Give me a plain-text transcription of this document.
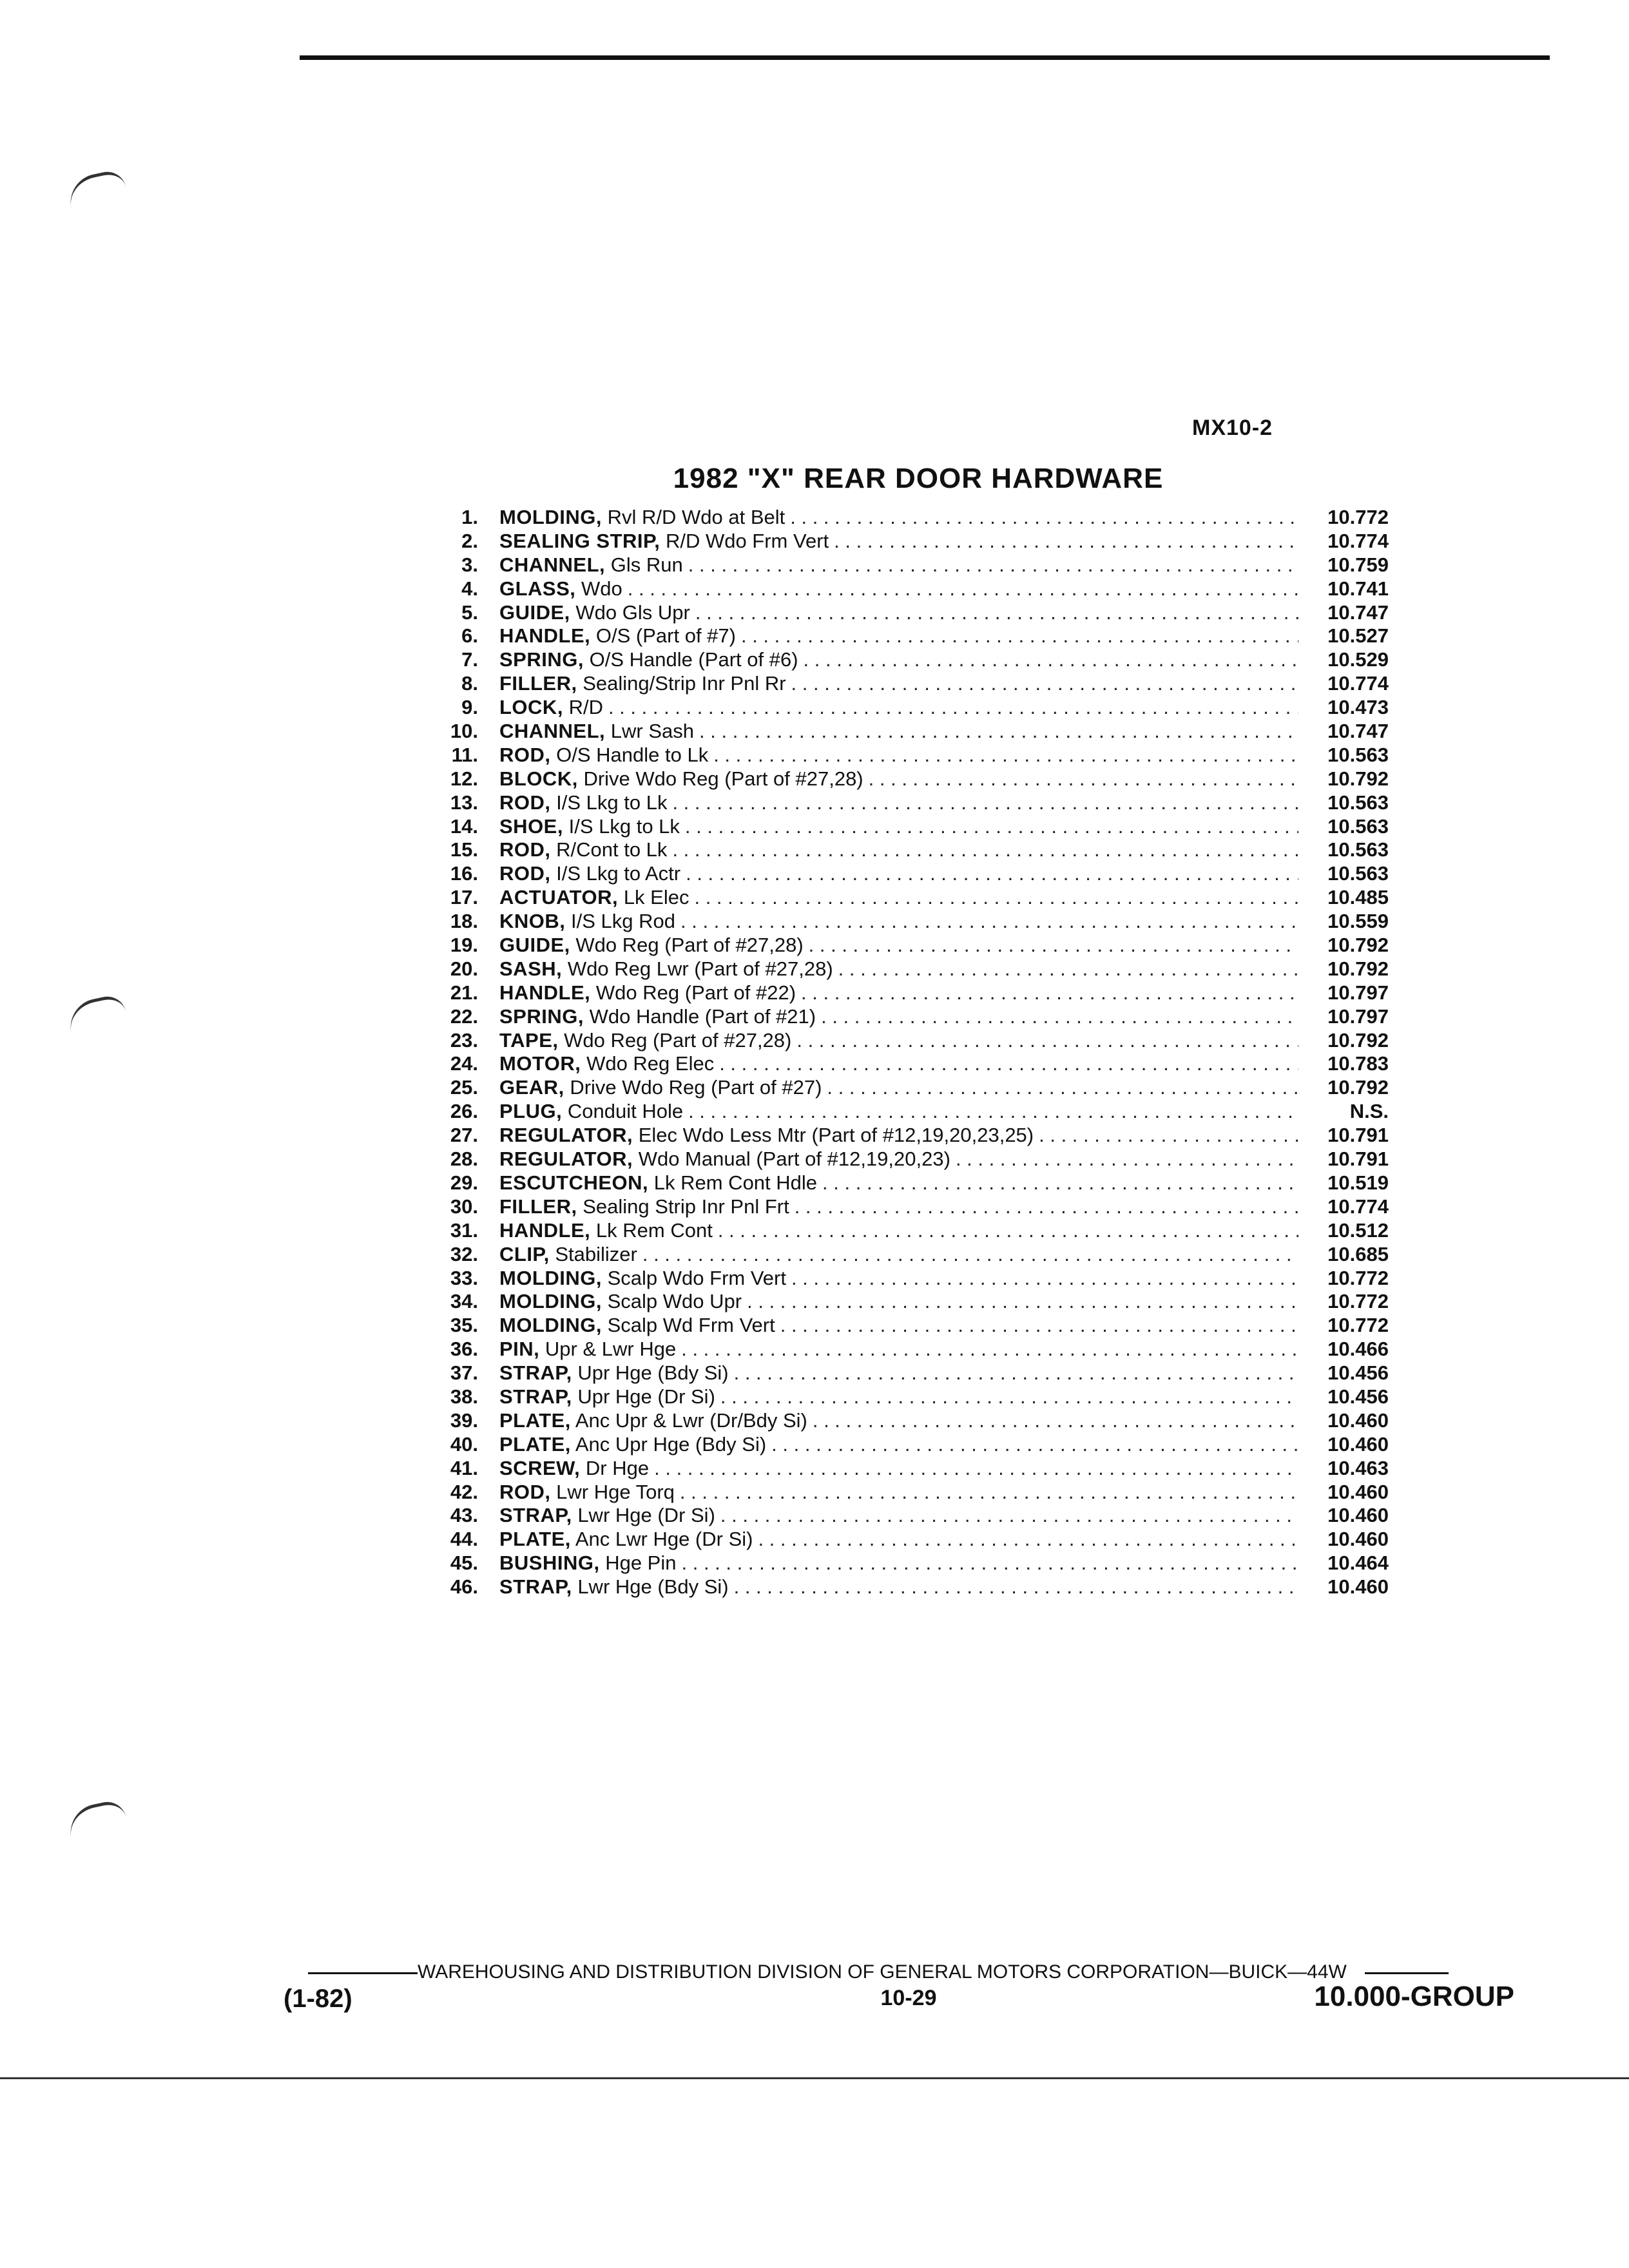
MX10-2
1982 "X" REAR DOOR HARDWARE
1. MOLDING, Rvl R/D Wdo at Belt . . .	10.772
2. SEALING STRIP, R/D Wdo Frm Vert . . .	10.774
3. CHANNEL, Gls Run . . .	10.759
4. GLASS, Wdo . . .	10.741
5. GUIDE, Wdo Gls Upr . . .	10.747
6. HANDLE, O/S (Part of #7) . . .	10.527
7. SPRING, O/S Handle (Part of #6) . . .	10.529
8. FILLER, Sealing/Strip Inr Pnl Rr . . .	10.774
9. LOCK, R/D . . .	10.473
10. CHANNEL, Lwr Sash . . .	10.747
11. ROD, O/S Handle to Lk . . .	10.563
12. BLOCK, Drive Wdo Reg (Part of #27,28) . . .	10.792
13. ROD, I/S Lkg to Lk . . .	10.563
14. SHOE, I/S Lkg to Lk . . .	10.563
15. ROD, R/Cont to Lk . . .	10.563
16. ROD, I/S Lkg to Actr . . .	10.563
17. ACTUATOR, Lk Elec . . .	10.485
18. KNOB, I/S Lkg Rod . . .	10.559
19. GUIDE, Wdo Reg (Part of #27,28) . . .	10.792
20. SASH, Wdo Reg Lwr (Part of #27,28) . . .	10.792
21. HANDLE, Wdo Reg (Part of #22) . . .	10.797
22. SPRING, Wdo Handle (Part of #21) . . .	10.797
23. TAPE, Wdo Reg (Part of #27,28) . . .	10.792
24. MOTOR, Wdo Reg Elec . . .	10.783
25. GEAR, Drive Wdo Reg (Part of #27) . . .	10.792
26. PLUG, Conduit Hole . . .	N.S.
27. REGULATOR, Elec Wdo Less Mtr (Part of #12,19,20,23,25) . . .	10.791
28. REGULATOR, Wdo Manual (Part of #12,19,20,23) . . .	10.791
29. ESCUTCHEON, Lk Rem Cont Hdle . . .	10.519
30. FILLER, Sealing Strip Inr Pnl Frt . . .	10.774
31. HANDLE, Lk Rem Cont . . .	10.512
32. CLIP, Stabilizer . . .	10.685
33. MOLDING, Scalp Wdo Frm Vert . . .	10.772
34. MOLDING, Scalp Wdo Upr . . .	10.772
35. MOLDING, Scalp Wd Frm Vert . . .	10.772
36. PIN, Upr & Lwr Hge . . .	10.466
37. STRAP, Upr Hge (Bdy Si) . . .	10.456
38. STRAP, Upr Hge (Dr Si) . . .	10.456
39. PLATE, Anc Upr & Lwr (Dr/Bdy Si) . . .	10.460
40. PLATE, Anc Upr Hge (Bdy Si) . . .	10.460
41. SCREW, Dr Hge . . .	10.463
42. ROD, Lwr Hge Torq . . .	10.460
43. STRAP, Lwr Hge (Dr Si) . . .	10.460
44. PLATE, Anc Lwr Hge (Dr Si) . . .	10.460
45. BUSHING, Hge Pin . . .	10.464
46. STRAP, Lwr Hge (Bdy Si) . . .	10.460
WAREHOUSING AND DISTRIBUTION DIVISION OF GENERAL MOTORS CORPORATION—BUICK—44W
(1-82)	10-29	10.000-GROUP
